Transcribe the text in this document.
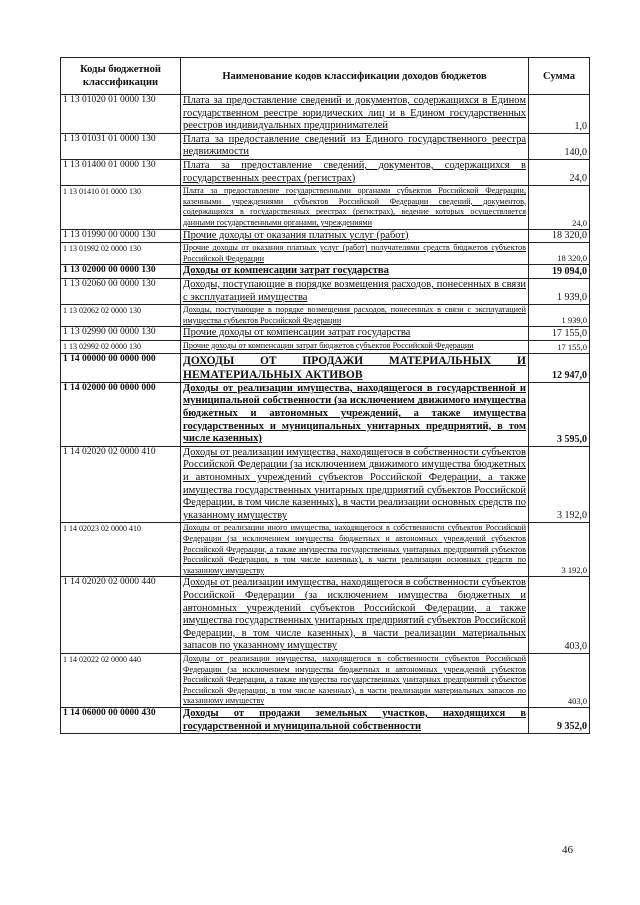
Коды бюджетной классификации	Наименование кодов классификации доходов бюджетов	Сумма
1 13 01020 01 0000 130	Плата за предоставление сведений и документов, содержащихся в Едином государственном реестре юридических лиц и в Едином государственных реестров индивидуальных предпринимателей	1,0
1 13 01031 01 0000 130	Плата за предоставление сведений из Единого государственного реестра недвижимости	140,0
1 13 01400 01 0000 130	Плата за предоставление сведений, документов, содержащихся в государственных реестрах (регистрах)	24,0
1 13 01410 01 0000 130	Плата за предоставление государственными органами субъектов Российской Федерации, казенными учреждениями субъектов Российской Федерации сведений, документов, содержащихся в государственных реестрах (регистрах), ведение которых осуществляется данными государственными органами, учреждениями	24,0
1 13 01990 00 0000 130	Прочие доходы от оказания платных услуг (работ)	18 320,0
1 13 01992 02 0000 130	Прочие доходы от оказания платных услуг (работ) получателями средств бюджетов субъектов Российской Федерации	18 320,0
1 13 02000 00 0000 130	Доходы от компенсации затрат государства	19 094,0
1 13 02060 00 0000 130	Доходы, поступающие в порядке возмещения расходов, понесенных в связи с эксплуатацией имущества	1 939,0
1 13 02062 02 0000 130	Доходы, поступающие в порядке возмещения расходов, понесенных в связи с эксплуатацией имущества субъектов Российской Федерации	1 939,0
1 13 02990 00 0000 130	Прочие доходы от компенсации затрат государства	17 155,0
1 13 02992 02 0000 130	Прочие доходы от компенсации затрат бюджетов субъектов Российской Федерации	17 155,0
1 14 00000 00 0000 000	ДОХОДЫ ОТ ПРОДАЖИ МАТЕРИАЛЬНЫХ И НЕМАТЕРИАЛЬНЫХ АКТИВОВ	12 947,0
1 14 02000 00 0000 000	Доходы от реализации имущества, находящегося в государственной и муниципальной собственности (за исключением движимого имущества бюджетных и автономных учреждений, а также имущества государственных и муниципальных унитарных предприятий, в том числе казенных)	3 595,0
1 14 02020 02 0000 410	Доходы от реализации имущества, находящегося в собственности субъектов Российской Федерации (за исключением движимого имущества бюджетных и автономных учреждений субъектов Российской Федерации, а также имущества государственных унитарных предприятий субъектов Российской Федерации, в том числе казенных), в части реализации основных средств по указанному имуществу	3 192,0
1 14 02023 02 0000 410	Доходы от реализации иного имущества, находящегося в собственности субъектов Российской Федерации (за исключением имущества бюджетных и автономных учреждений субъектов Российской Федерации, а также имущества государственных унитарных предприятий субъектов Российской Федерации, в том числе казенных), в части реализации основных средств по указанному имуществу	3 192,0
1 14 02020 02 0000 440	Доходы от реализации имущества, находящегося в собственности субъектов Российской Федерации (за исключением имущества бюджетных и автономных учреждений субъектов Российской Федерации, а также имущества государственных унитарных предприятий субъектов Российской Федерации, в том числе казенных), в части реализации материальных запасов по указанному имуществу	403,0
1 14 02022 02 0000 440	Доходы от реализации имущества, находящегося в собственности субъектов Российской Федерации (за исключением имущества бюджетных и автономных учреждений субъектов Российской Федерации, а также имущества государственных унитарных предприятий субъектов Российской Федерации, в том числе казенных), в части реализации материальных запасов по указанному имуществу	403,0
1 14 06000 00 0000 430	Доходы от продажи земельных участков, находящихся в государственной и муниципальной собственности	9 352,0
46
